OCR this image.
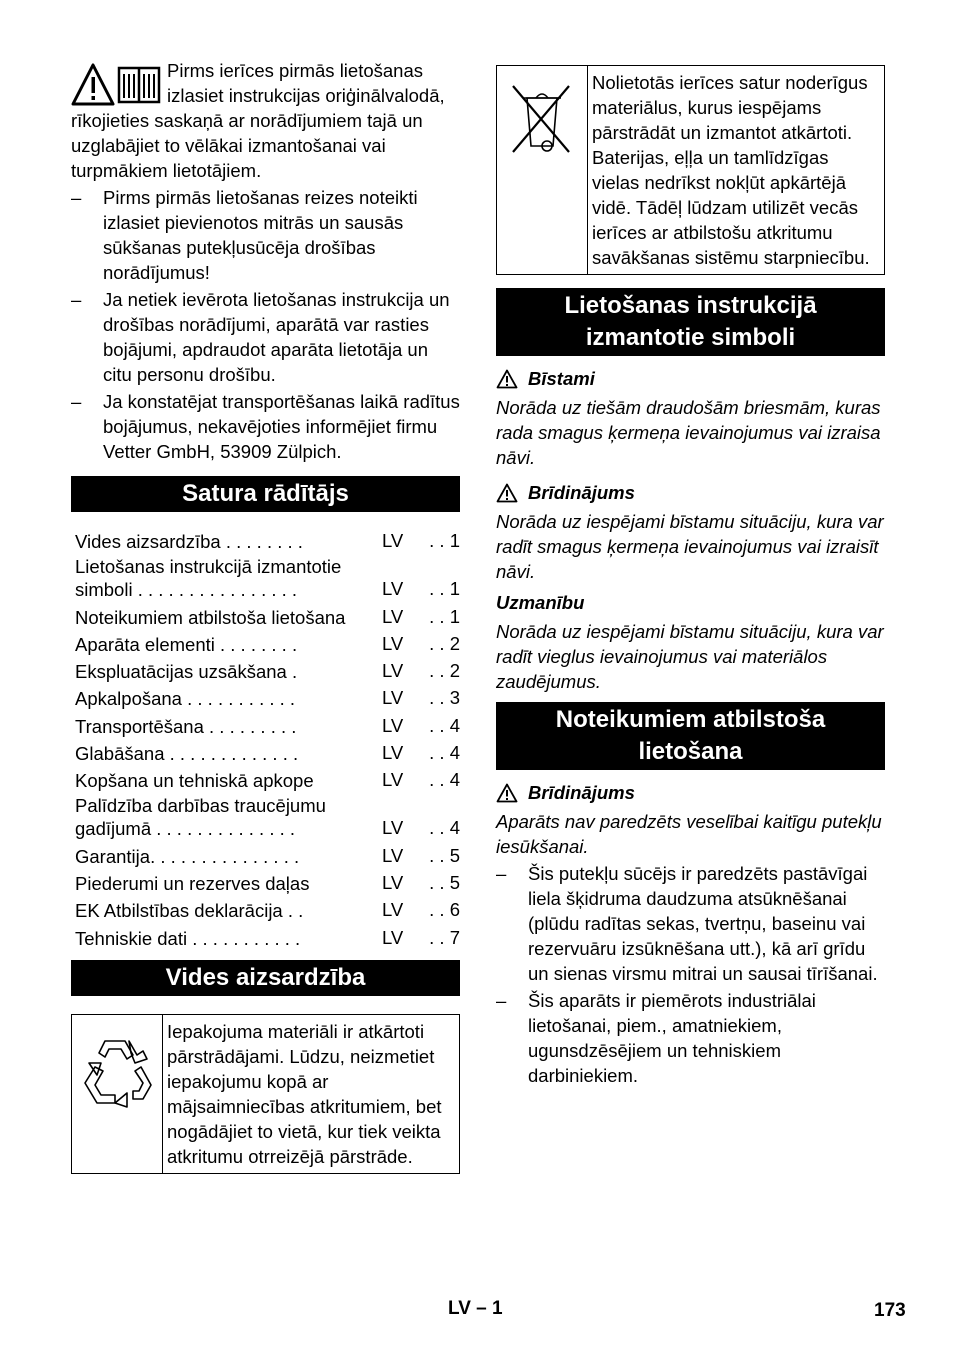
Pirms ierīces pirmās lietošanas izlasiet instrukcijas oriģinālvalodā, rīkojieties saskaņā ar norādījumiem tajā un uzglabājiet to vēlākai izmantošanai vai turpmākiem lietotājiem.

– Pirms pirmās lietošanas reizes noteikti izlasiet pievienotos mitrās un sausās sūkšanas putekļusūcēja drošības norādījumus!
– Ja netiek ievērota lietošanas instrukcija un drošības norādījumi, aparātā var rasties bojājumi, apdraudot aparāta lietotāja un citu personu drošību.
– Ja konstatējat transportēšanas laikā radītus bojājumus, nekavējoties informējiet firmu Vetter GmbH, 53909 Zülpich.
Satura rādītājs
Vides aizsardzība . . . . . . . .	LV	. . 1
Lietošanas instrukcijā izmantotie simboli . . . . . . . . . . . . . . . .	LV	. . 1
Noteikumiem atbilstoša lietošana	LV	. . 1
Aparāta elementi . . . . . . . .	LV	. . 2
Ekspluatācijas uzsākšana .	LV	. . 2
Apkalpošana . . . . . . . . . . .	LV	. . 3
Transportēšana . . . . . . . . .	LV	. . 4
Glabāšana . . . . . . . . . . . . .	LV	. . 4
Kopšana un tehniskā apkope	LV	. . 4
Palīdzība darbības traucējumu gadījumā . . . . . . . . . . . . . .	LV	. . 4
Garantija. . . . . . . . . . . . . . .	LV	. . 5
Piederumi un rezerves daļas	LV	. . 5
EK Atbilstības deklarācija . .	LV	. . 6
Tehniskie dati . . . . . . . . . . .	LV	. . 7
Vides aizsardzība
Iepakojuma materiāli ir atkārtoti pārstrādājami. Lūdzu, neizmetiet iepakojumu kopā ar mājsaimniecības atkritumiem, bet nogādājiet to vietā, kur tiek veikta atkritumu otrreizējā pārstrāde.
Nolietotās ierīces satur noderīgus materiālus, kurus iespējams pārstrādāt un izmantot atkārtoti. Baterijas, eļļa un tamlīdzīgas vielas nedrīkst nokļūt apkārtējā vidē. Tādēļ lūdzam utilizēt vecās ierīces ar atbilstošu atkritumu savākšanas sistēmu starpniecību.
Lietošanas instrukcijā izmantotie simboli
Bīstami

Norāda uz tiešām draudošām briesmām, kuras rada smagus ķermeņa ievainojumus vai izraisa nāvi.

Brīdinājums

Norāda uz iespējami bīstamu situāciju, kura var radīt smagus ķermeņa ievainojumus vai izraisīt nāvi.

Uzmanību

Norāda uz iespējami bīstamu situāciju, kura var radīt vieglus ievainojumus vai materiālos zaudējumus.

Noteikumiem atbilstoša lietošana
Brīdinājums

Aparāts nav paredzēts veselībai kaitīgu putekļu iesūkšanai.

– Šis putekļu sūcējs ir paredzēts pastāvīgai liela šķidruma daudzuma atsūknēšanai (plūdu radītas sekas, tvertņu, baseinu vai rezervuāru izsūknēšana utt.), kā arī grīdu un sienas virsmu mitrai un sausai tīrīšanai.
– Šis aparāts ir piemērots industriālai lietošanai, piem., amatniekiem, ugunsdzēsējiem un tehniskiem darbiniekiem.
LV – 1	173
